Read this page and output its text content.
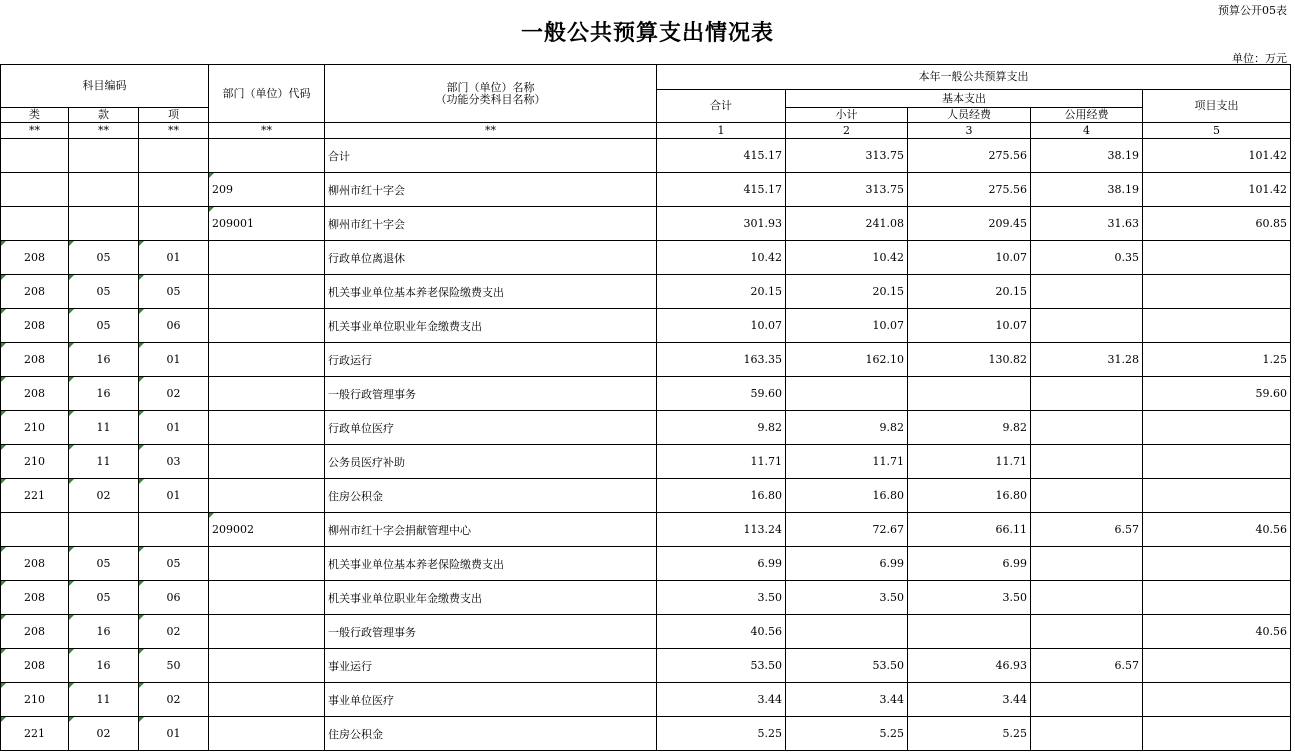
预算公开05表
一般公共预算支出情况表
单位：万元
科目编码			部门（单位）代码	部门（单位）名称
（功能分类科目名称）	本年一般公共预算支出				
					合计	基本支出			项目支出
类	款	项				小计	人员经费	公用经费	
**	**	**	**	**	1	2	3	4	5
				合计	415.17	313.75	275.56	38.19	101.42
			209	柳州市红十字会	415.17	313.75	275.56	38.19	101.42
			209001	柳州市红十字会	301.93	241.08	209.45	31.63	60.85
208	05	01		行政单位离退休	10.42	10.42	10.07	0.35	
208	05	05		机关事业单位基本养老保险缴费支出	20.15	20.15	20.15		
208	05	06		机关事业单位职业年金缴费支出	10.07	10.07	10.07		
208	16	01		行政运行	163.35	162.10	130.82	31.28	1.25
208	16	02		一般行政管理事务	59.60				59.60
210	11	01		行政单位医疗	9.82	9.82	9.82		
210	11	03		公务员医疗补助	11.71	11.71	11.71		
221	02	01		住房公积金	16.80	16.80	16.80		
			209002	柳州市红十字会捐献管理中心	113.24	72.67	66.11	6.57	40.56
208	05	05		机关事业单位基本养老保险缴费支出	6.99	6.99	6.99		
208	05	06		机关事业单位职业年金缴费支出	3.50	3.50	3.50		
208	16	02		一般行政管理事务	40.56				40.56
208	16	50		事业运行	53.50	53.50	46.93	6.57	
210	11	02		事业单位医疗	3.44	3.44	3.44		
221	02	01		住房公积金	5.25	5.25	5.25		
